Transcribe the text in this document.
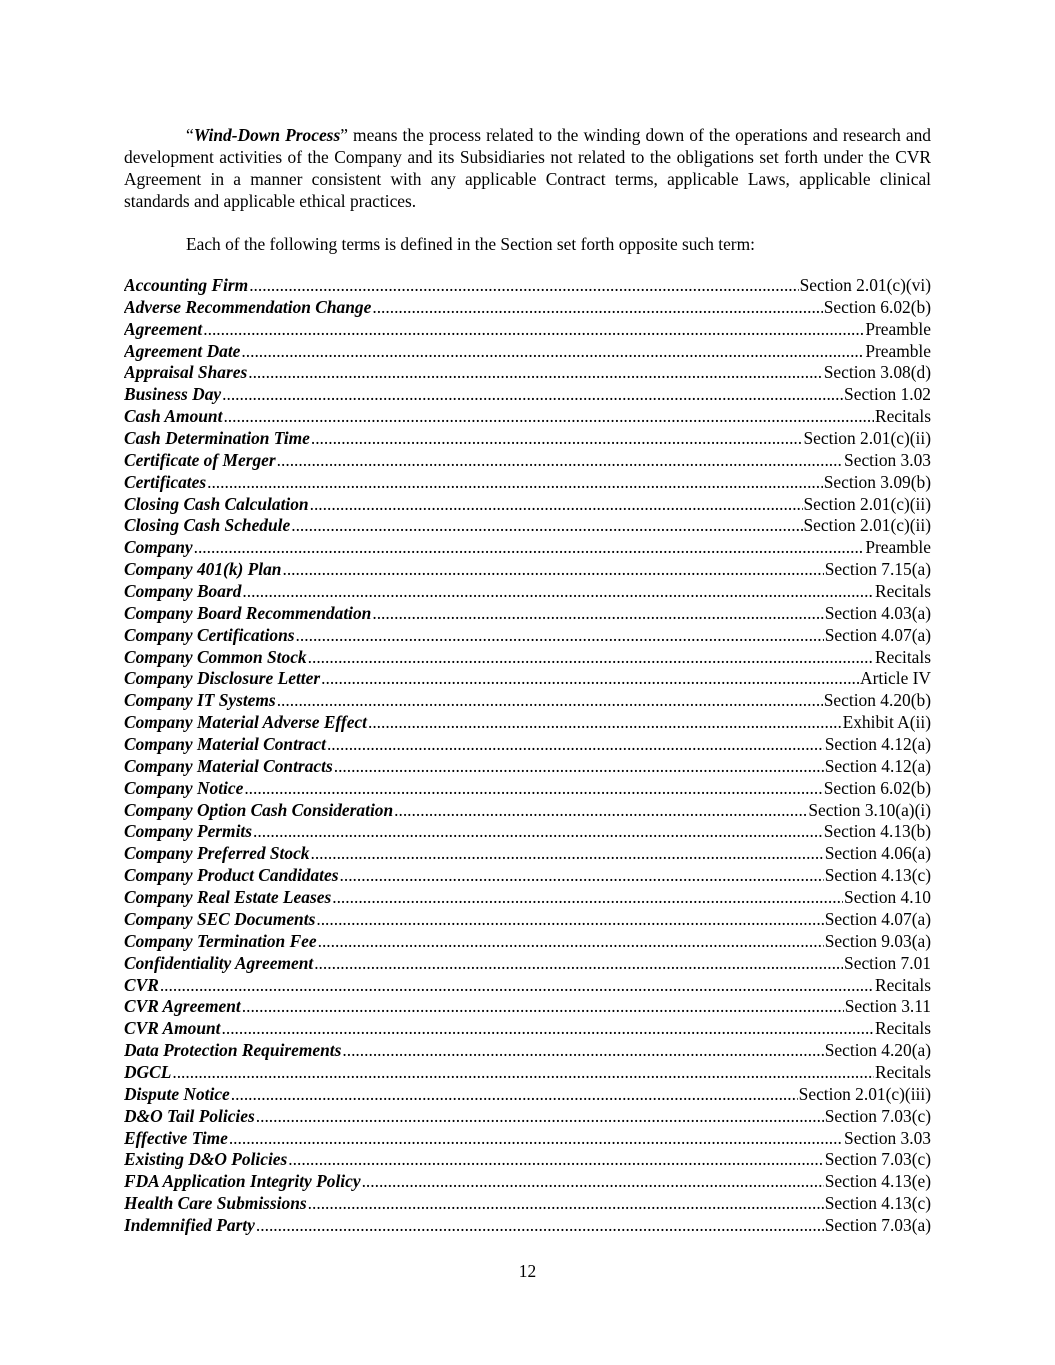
“Wind-Down Process” means the process related to the winding down of the operations and research and development activities of the Company and its Subsidiaries not related to the obligations set forth under the CVR Agreement in a manner consistent with any applicable Contract terms, applicable Laws, applicable clinical standards and applicable ethical practices.

Each of the following terms is defined in the Section set forth opposite such term:

Accounting Firm .....	Section 2.01(c)(vi)
Adverse Recommendation Change .....	Section 6.02(b)
Agreement .....	Preamble
Agreement Date .....	Preamble
Appraisal Shares .....	Section 3.08(d)
Business Day .....	Section 1.02
Cash Amount .....	Recitals
Cash Determination Time .....	Section 2.01(c)(ii)
Certificate of Merger .....	Section 3.03
Certificates .....	Section 3.09(b)
Closing Cash Calculation .....	Section 2.01(c)(ii)
Closing Cash Schedule .....	Section 2.01(c)(ii)
Company .....	Preamble
Company 401(k) Plan .....	Section 7.15(a)
Company Board .....	Recitals
Company Board Recommendation .....	Section 4.03(a)
Company Certifications .....	Section 4.07(a)
Company Common Stock .....	Recitals
Company Disclosure Letter .....	Article IV
Company IT Systems .....	Section 4.20(b)
Company Material Adverse Effect .....	Exhibit A(ii)
Company Material Contract .....	Section 4.12(a)
Company Material Contracts .....	Section 4.12(a)
Company Notice .....	Section 6.02(b)
Company Option Cash Consideration .....	Section 3.10(a)(i)
Company Permits .....	Section 4.13(b)
Company Preferred Stock .....	Section 4.06(a)
Company Product Candidates .....	Section 4.13(c)
Company Real Estate Leases .....	Section 4.10
Company SEC Documents .....	Section 4.07(a)
Company Termination Fee .....	Section 9.03(a)
Confidentiality Agreement .....	Section 7.01
CVR .....	Recitals
CVR Agreement .....	Section 3.11
CVR Amount .....	Recitals
Data Protection Requirements .....	Section 4.20(a)
DGCL .....	Recitals
Dispute Notice .....	Section 2.01(c)(iii)
D&O Tail Policies .....	Section 7.03(c)
Effective Time .....	Section 3.03
Existing D&O Policies .....	Section 7.03(c)
FDA Application Integrity Policy .....	Section 4.13(e)
Health Care Submissions .....	Section 4.13(c)
Indemnified Party .....	Section 7.03(a)

12
